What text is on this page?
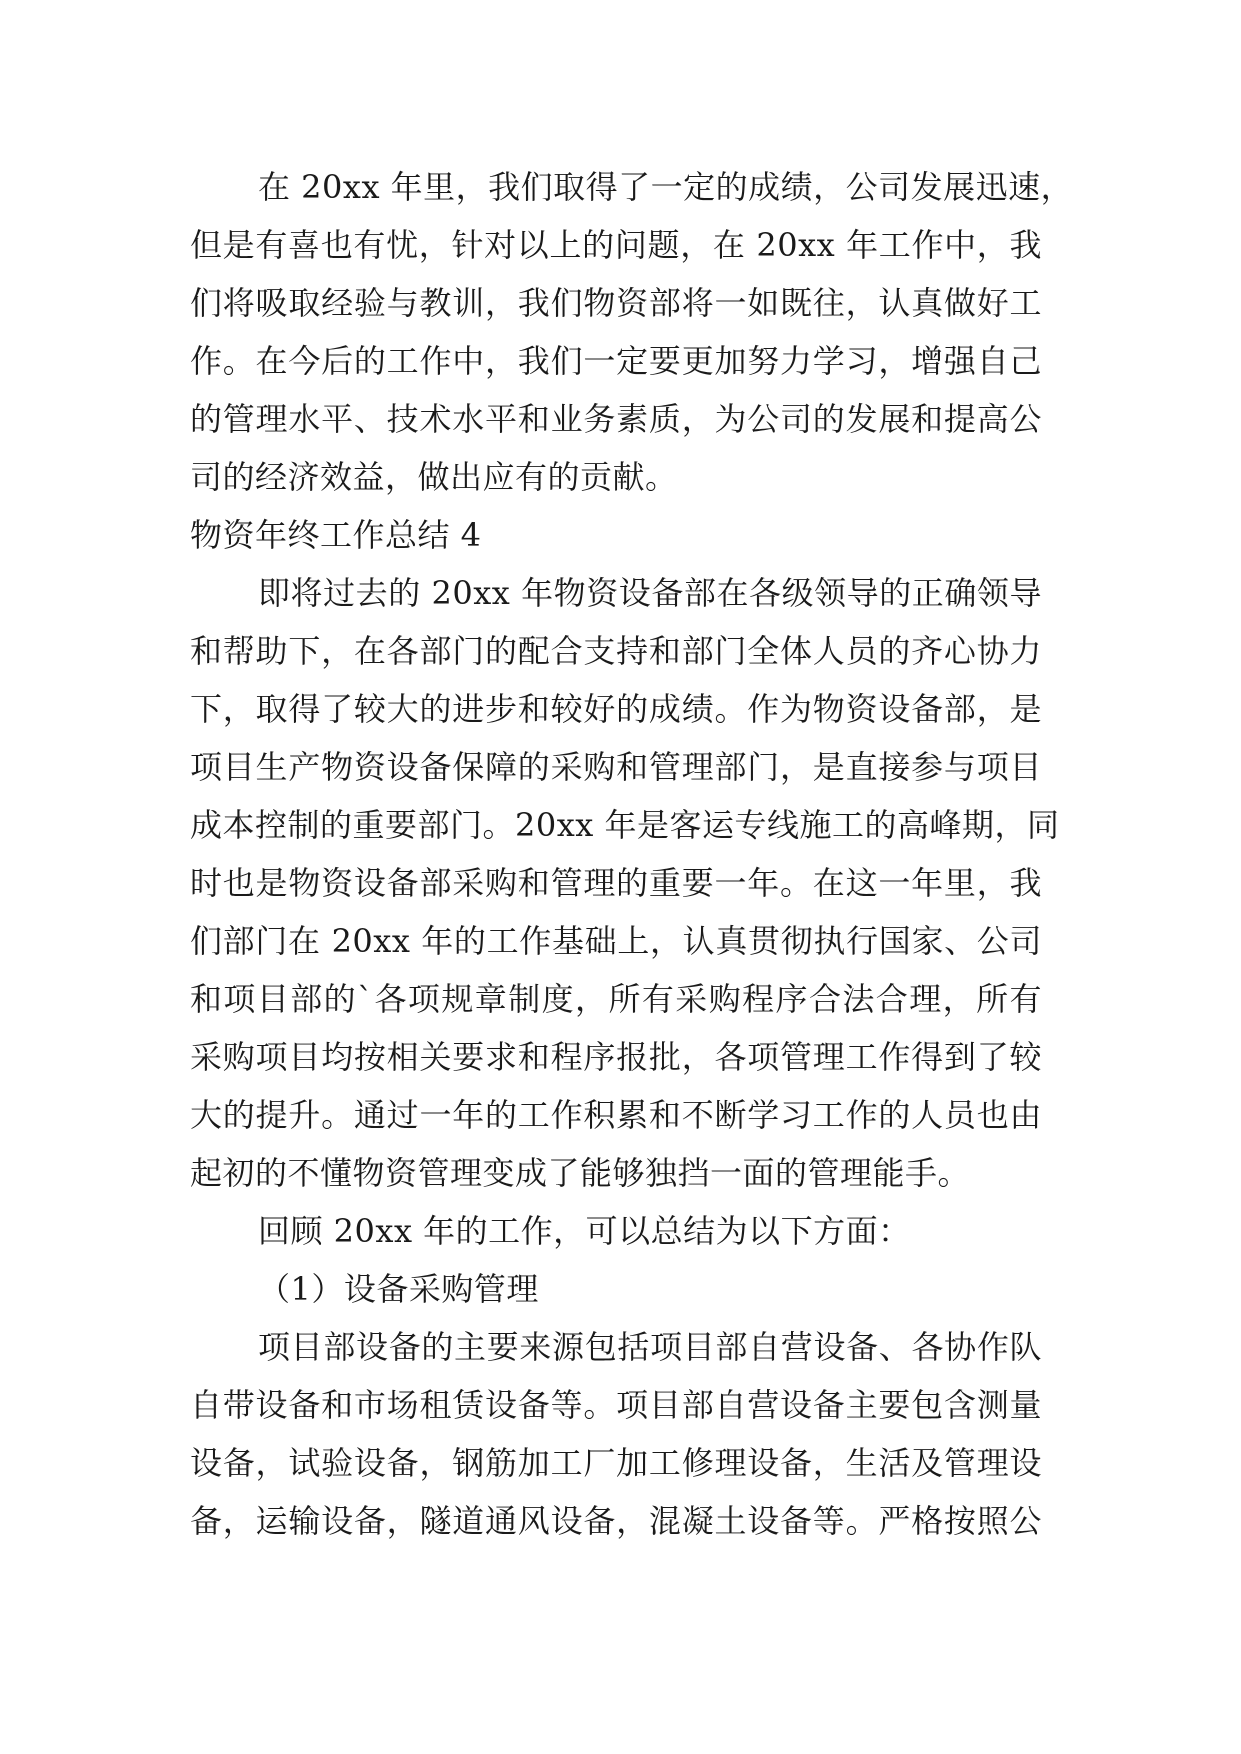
在 20xx 年里，我们取得了一定的成绩，公司发展迅速，
但是有喜也有忧，针对以上的问题，在 20xx 年工作中，我
们将吸取经验与教训，我们物资部将一如既往，认真做好工
作。在今后的工作中，我们一定要更加努力学习，增强自己
的管理水平、技术水平和业务素质，为公司的发展和提高公
司的经济效益，做出应有的贡献。
物资年终工作总结 4
即将过去的 20xx 年物资设备部在各级领导的正确领导
和帮助下，在各部门的配合支持和部门全体人员的齐心协力
下，取得了较大的进步和较好的成绩。作为物资设备部，是
项目生产物资设备保障的采购和管理部门，是直接参与项目
成本控制的重要部门。20xx 年是客运专线施工的高峰期，同
时也是物资设备部采购和管理的重要一年。在这一年里，我
们部门在 20xx 年的工作基础上，认真贯彻执行国家、公司
和项目部的`各项规章制度，所有采购程序合法合理，所有
采购项目均按相关要求和程序报批，各项管理工作得到了较
大的提升。通过一年的工作积累和不断学习工作的人员也由
起初的不懂物资管理变成了能够独挡一面的管理能手。
回顾 20xx 年的工作，可以总结为以下方面：
（1）设备采购管理
项目部设备的主要来源包括项目部自营设备、各协作队
自带设备和市场租赁设备等。项目部自营设备主要包含测量
设备，试验设备，钢筋加工厂加工修理设备，生活及管理设
备，运输设备，隧道通风设备，混凝土设备等。严格按照公
